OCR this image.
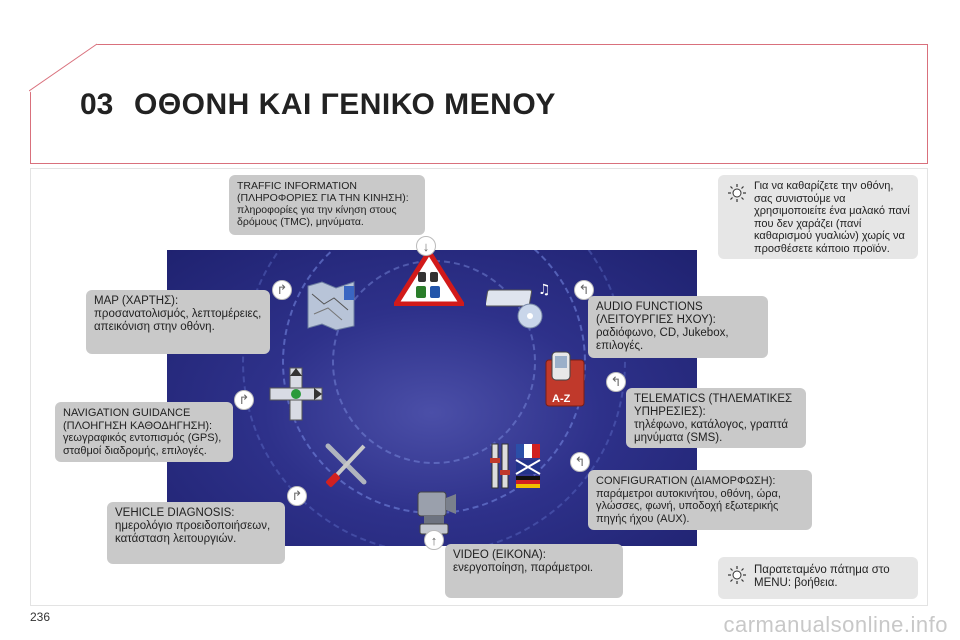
03 ΟΘΟΝΗ ΚΑΙ ΓΕΝΙΚΟ ΜΕΝΟΥ
♫
A-Z
TRAFFIC INFORMATION (ΠΛΗΡΟΦΟΡΙΕΣ ΓΙΑ ΤΗΝ ΚΙΝΗΣΗ):
πληροφορίες για την κίνηση στους δρόμους (TMC), μηνύματα.
↓
MAP (ΧΑΡΤΗΣ):
προσανατολισμός, λεπτομέρειες, απεικόνιση στην οθόνη.
↱
NAVIGATION GUIDANCE (ΠΛΟΗΓΗΣΗ ΚΑΘΟΔΗΓΗΣΗ):
γεωγραφικός εντοπισμός (GPS), σταθμοί διαδρομής, επιλογές.
↱
VEHICLE DIAGNOSIS:
ημερολόγιο προειδοποιήσεων, κατάσταση λειτουργιών.
↱
VIDEO (ΕΙΚΟΝΑ):
ενεργοποίηση, παράμετροι.
↑
AUDIO FUNCTIONS (ΛΕΙΤΟΥΡΓΙΕΣ ΗΧΟΥ):
ραδιόφωνο, CD, Jukebox, επιλογές.
↰
TELEMATICS (ΤΗΛΕΜΑΤΙΚΕΣ ΥΠΗΡΕΣΙΕΣ):
τηλέφωνο, κατάλογος, γραπτά μηνύματα (SMS).
↰
CONFIGURATION (ΔΙΑΜΟΡΦΩΣΗ):
παράμετροι αυτοκινήτου, οθόνη, ώρα, γλώσσες, φωνή, υποδοχή εξωτερικής πηγής ήχου (AUX).
↰
Για να καθαρίζετε την οθόνη, σας συνιστούμε να χρησιμοποιείτε ένα μαλακό πανί που δεν χαράζει (πανί καθαρισμού γυαλιών) χωρίς να προσθέσετε κάποιο προϊόν.
Παρατεταμένο πάτημα στο MENU: βοήθεια.
236	carmanualsonline.info
